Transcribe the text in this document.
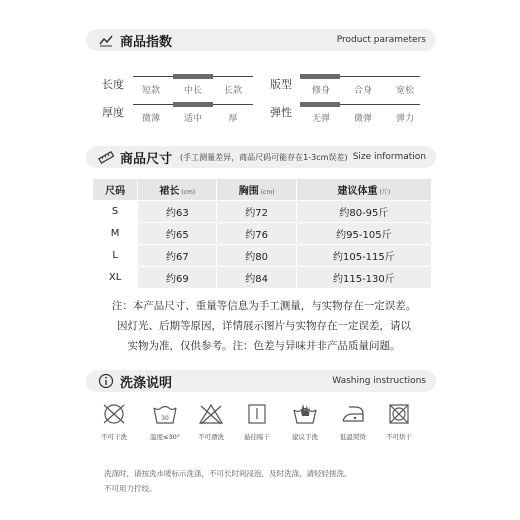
商品指数	Product parameters
长度	短款	中长	长款	版型	修身	合身	宽松
厚度	微薄	适中	厚	弹性	无弹	微弹	弹力
商品尺寸 (手工测量差异，商品尺码可能存在1-3cm误差) Size information
尺码	裙长 (cm)	胸围 (cm)	建议体重 (斤)
S	约63	约72	约80-95斤
M	约65	约76	约95-105斤
L	约67	约80	约105-115斤
XL	约69	约84	约115-130斤
注：本产品尺寸、重量等信息为手工测量，与实物存在一定误差。
因灯光、后期等原因，详情展示图片与实物存在一定误差，请以
实物为准，仅供参考。注：色差与异味并非产品质量问题。
洗涤说明	Washing instructions
不可干洗
30
温度≤30°	不可漂洗	悬挂晾干	建议手洗	低温熨烫	不可烘干
洗涤时，请按洗水唛标示洗涤，不可长时间浸泡，及时洗涤，请轻轻搓洗，
不可用力拧绞。
